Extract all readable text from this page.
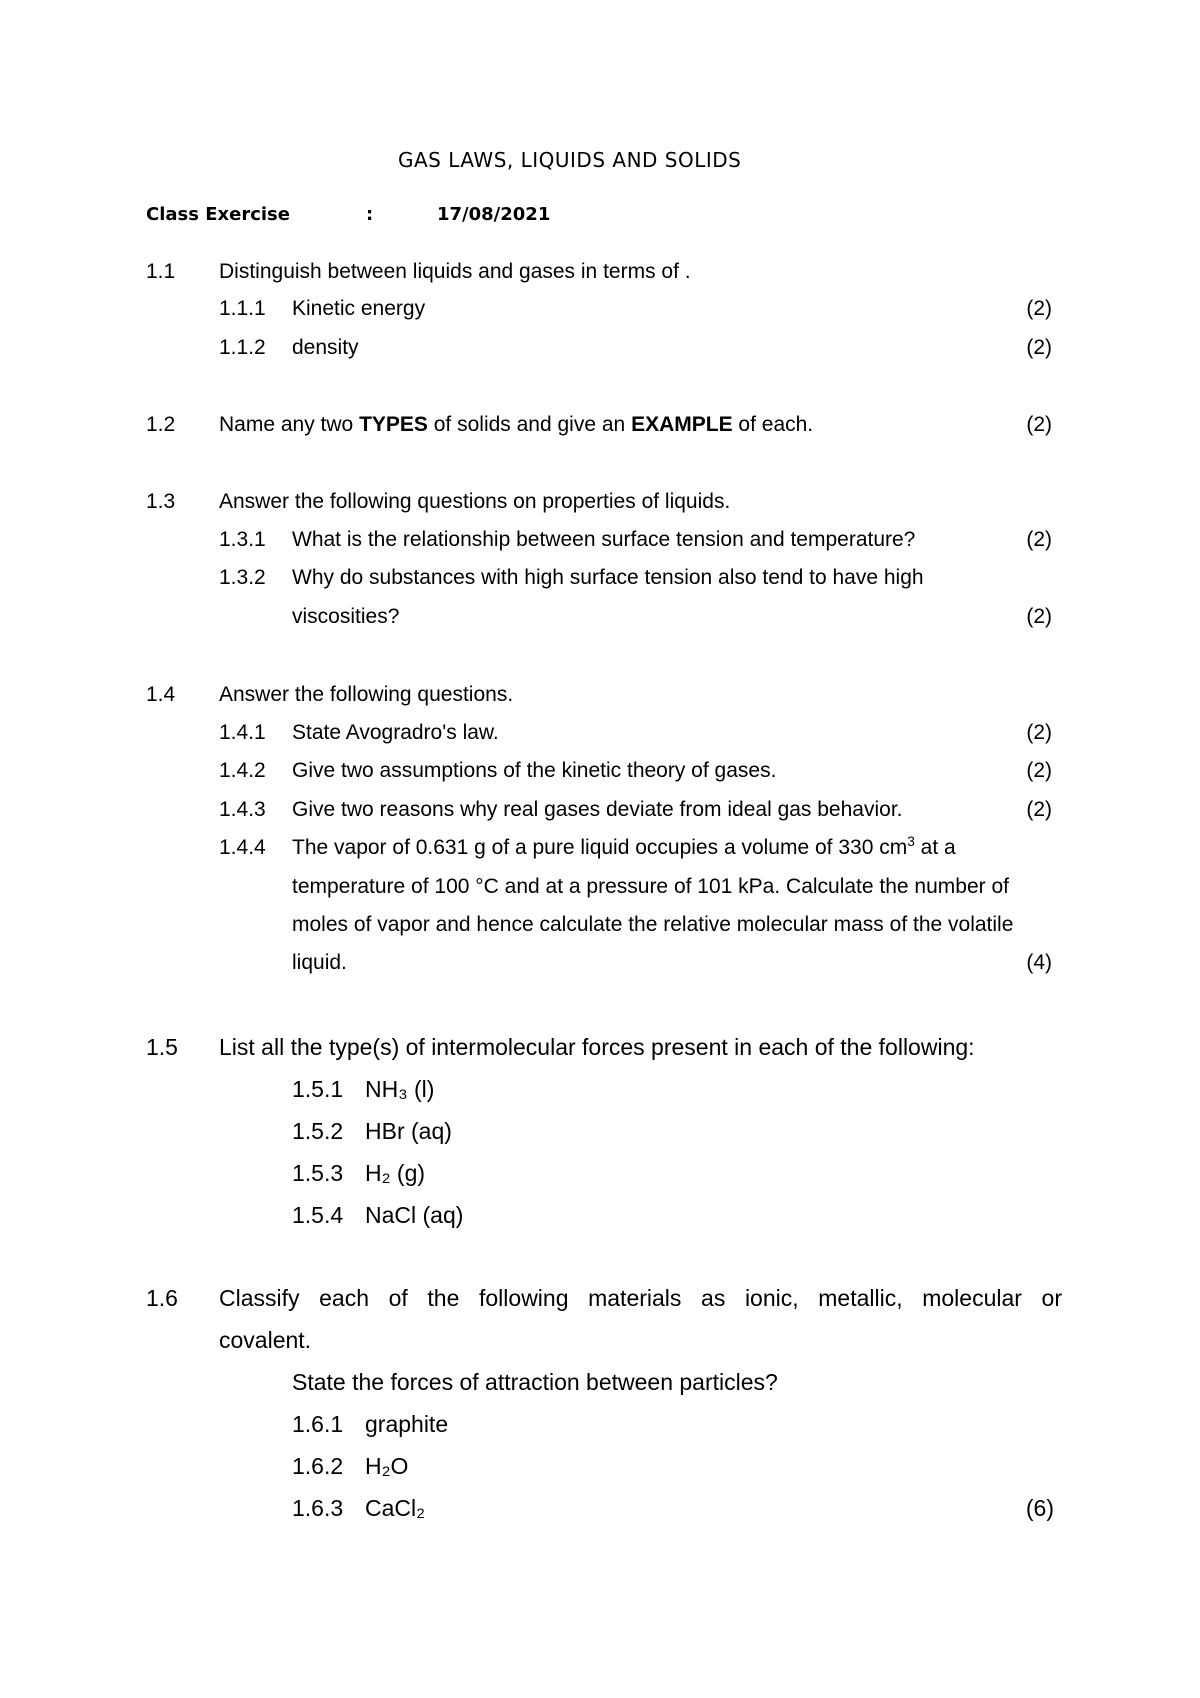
GAS LAWS, LIQUIDS AND SOLIDS
Class Exercise	:	17/08/2021
1.1 Distinguish between liquids and gases in terms of .
1.1.1 Kinetic energy	(2)
1.1.2 density	(2)
1.2 Name any two TYPES of solids and give an EXAMPLE of each.	(2)
1.3 Answer the following questions on properties of liquids.
1.3.1 What is the relationship between surface tension and temperature?	(2)
1.3.2 Why do substances with high surface tension also tend to have high
viscosities?	(2)
1.4 Answer the following questions.
1.4.1 State Avogradro's law.	(2)
1.4.2 Give two assumptions of the kinetic theory of gases.	(2)
1.4.3 Give two reasons why real gases deviate from ideal gas behavior.	(2)
1.4.4 The vapor of 0.631 g of a pure liquid occupies a volume of 330 $cm^3$ at a
temperature of 100 °C and at a pressure of 101 kPa. Calculate the number of
moles of vapor and hence calculate the relative molecular mass of the volatile
liquid.	(4)
1.5 List all the type(s) of intermolecular forces present in each of the following:
1.5.1 NH₃ (l)
1.5.2 HBr (aq)
1.5.3 H₂ (g)
1.5.4 NaCl (aq)
1.6 Classify each of the following materials as ionic, metallic, molecular or
covalent.
State the forces of attraction between particles?
1.6.1 graphite
1.6.2 H₂O
1.6.3 CaCl₂	(6)
